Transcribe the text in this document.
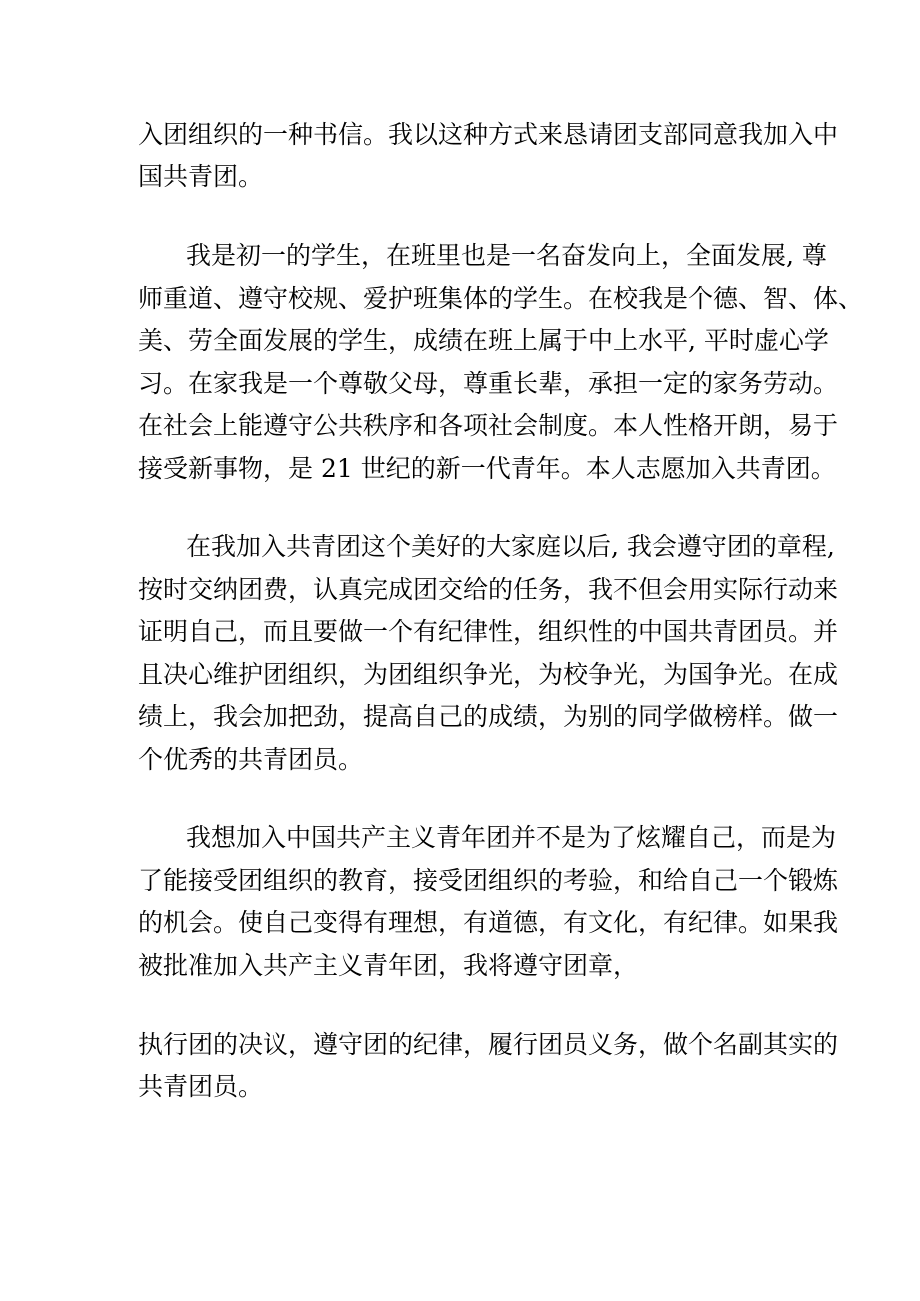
入团组织的一种书信。我以这种方式来恳请团支部同意我加入中

国共青团。

我是初一的学生，在班里也是一名奋发向上，全面发展, 尊

师重道、遵守校规、爱护班集体的学生。在校我是个德、智、体、

美、劳全面发展的学生，成绩在班上属于中上水平, 平时虚心学

习。在家我是一个尊敬父母，尊重长辈，承担一定的家务劳动。

在社会上能遵守公共秩序和各项社会制度。本人性格开朗，易于

接受新事物，是 21 世纪的新一代青年。本人志愿加入共青团。

在我加入共青团这个美好的大家庭以后, 我会遵守团的章程,

按时交纳团费，认真完成团交给的任务，我不但会用实际行动来

证明自己，而且要做一个有纪律性，组织性的中国共青团员。并

且决心维护团组织，为团组织争光，为校争光，为国争光。在成

绩上，我会加把劲，提高自己的成绩，为别的同学做榜样。做一

个优秀的共青团员。

我想加入中国共产主义青年团并不是为了炫耀自己，而是为

了能接受团组织的教育，接受团组织的考验，和给自己一个锻炼

的机会。使自己变得有理想，有道德，有文化，有纪律。如果我

被批准加入共产主义青年团，我将遵守团章，

执行团的决议，遵守团的纪律，履行团员义务，做个名副其实的

共青团员。
